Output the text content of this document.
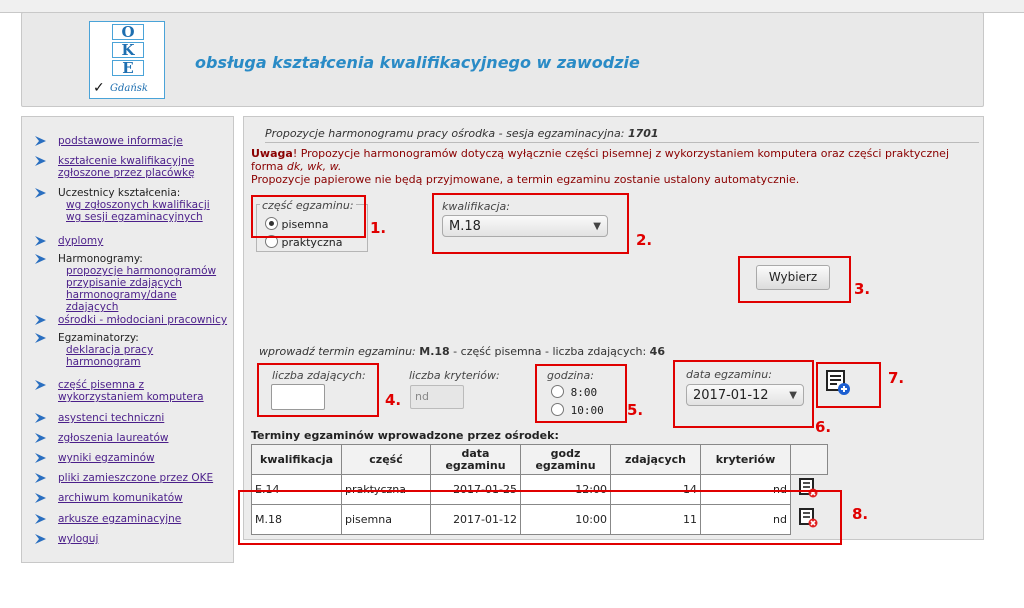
O
K
E
✓ Gdańsk
obsługa kształcenia kwalifikacyjnego w zawodzie
podstawowe informacje
kształcenie kwalifikacyjne zgłoszone przez placówkę
Uczestnicy kształcenia:
wg zgłoszonych kwalifikacji
wg sesji egzaminacyjnych
dyplomy
Harmonogramy:
propozycje harmonogramów
przypisanie zdających
harmonogramy/dane zdających
ośrodki - młodociani pracownicy
Egzaminatorzy:
deklaracja pracy
harmonogram
część pisemna z wykorzystaniem komputera
asystenci techniczni
zgłoszenia laureatów
wyniki egzaminów
pliki zamieszczone przez OKE
archiwum komunikatów
arkusze egzaminacyjne
wyloguj
Propozycje harmonogramu pracy ośrodka - sesja egzaminacyjna: 1701
Uwaga! Propozycje harmonogramów dotyczą wyłącznie części pisemnej z wykorzystaniem komputera oraz części praktycznej
forma dk, wk, w.
Propozycje papierowe nie będą przyjmowane, a termin egzaminu zostanie ustalony automatycznie.
część egzaminu:
pisemna
praktyczna
kwalifikacja:
M.18	▼
Wybierz
wprowadź termin egzaminu: M.18 - część pisemna - liczba zdających: 46
liczba zdających:	liczba kryteriów:
nd
godzina:
8:00
10:00
data egzaminu:
2017-01-12 ▼
Terminy egzaminów wprowadzone przez ośrodek:
kwalifikacja	część	data egzaminu	godz egzaminu	zdających	kryteriów	
E.14	praktyczna	2017-01-25	12:00	14	nd	
M.18	pisemna	2017-01-12	10:00	11	nd	
1.
2.
3.
4.
5.
6.
7.
8.
